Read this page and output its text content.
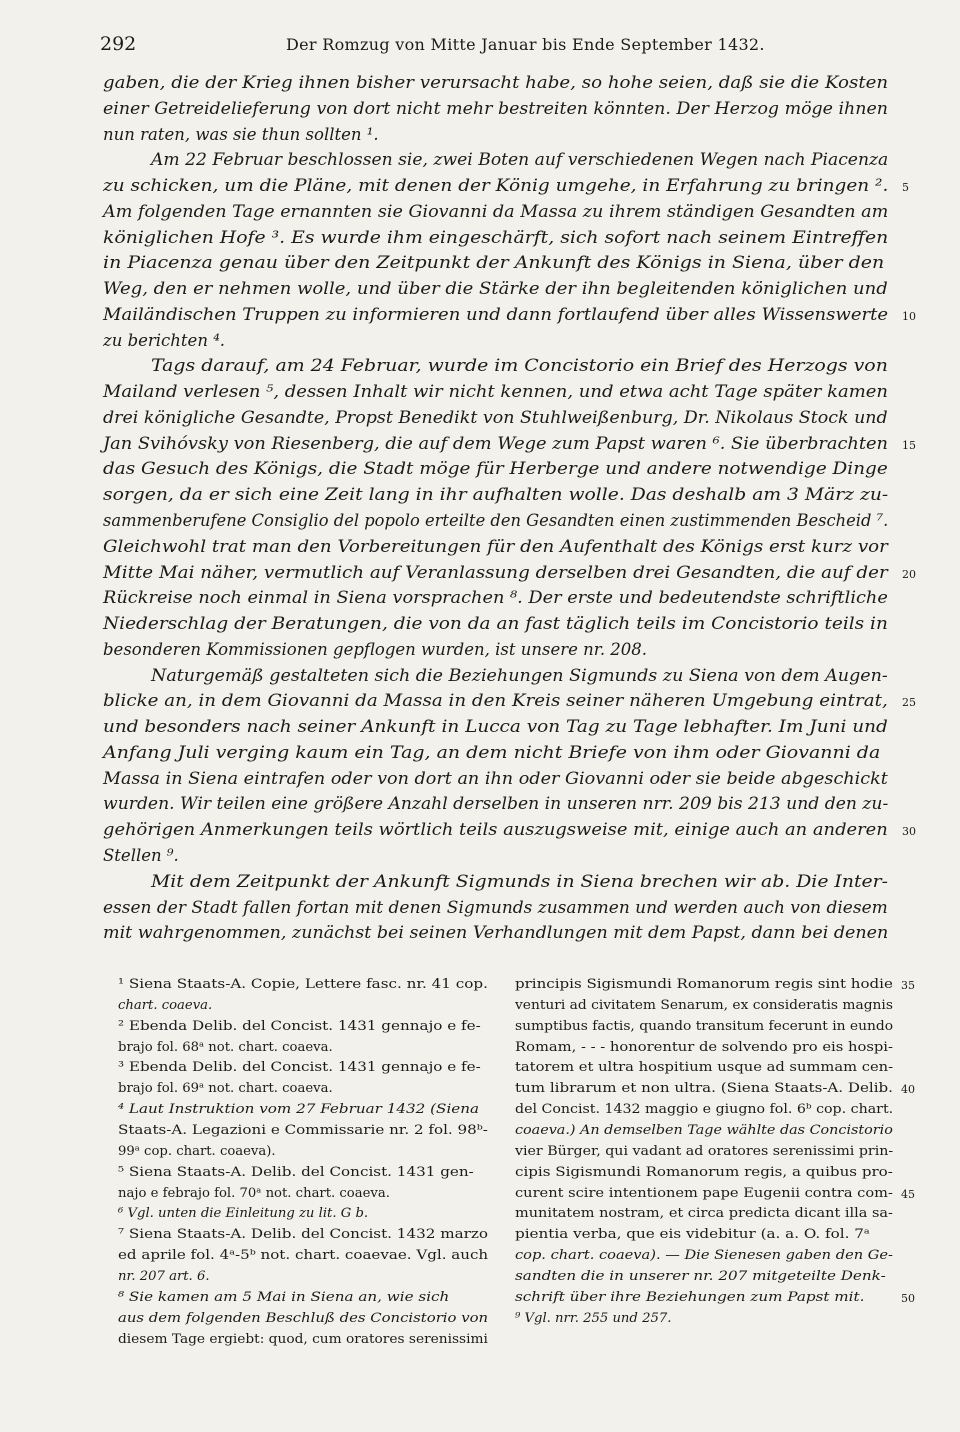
292	Der Romzug von Mitte Januar bis Ende September 1432.
gaben, die der Krieg ihnen bisher verursacht habe, so hohe seien, daß sie die Kosten
einer Getreidelieferung von dort nicht mehr bestreiten könnten. Der Herzog möge ihnen
nun raten, was sie thun sollten ¹.
Am 22 Februar beschlossen sie, zwei Boten auf verschiedenen Wegen nach Piacenza
zu schicken, um die Pläne, mit denen der König umgehe, in Erfahrung zu bringen ². 5
Am folgenden Tage ernannten sie Giovanni da Massa zu ihrem ständigen Gesandten am
königlichen Hofe ³. Es wurde ihm eingeschärft, sich sofort nach seinem Eintreffen
in Piacenza genau über den Zeitpunkt der Ankunft des Königs in Siena, über den
Weg, den er nehmen wolle, und über die Stärke der ihn begleitenden königlichen und
Mailändischen Truppen zu informieren und dann fortlaufend über alles Wissenswerte 10
zu berichten ⁴.
Tags darauf, am 24 Februar, wurde im Concistorio ein Brief des Herzogs von
Mailand verlesen ⁵, dessen Inhalt wir nicht kennen, und etwa acht Tage später kamen
drei königliche Gesandte, Propst Benedikt von Stuhlweißenburg, Dr. Nikolaus Stock und
Jan Svihóvsky von Riesenberg, die auf dem Wege zum Papst waren ⁶. Sie überbrachten 15
das Gesuch des Königs, die Stadt möge für Herberge und andere notwendige Dinge
sorgen, da er sich eine Zeit lang in ihr aufhalten wolle. Das deshalb am 3 März zu-
sammenberufene Consiglio del popolo erteilte den Gesandten einen zustimmenden Bescheid ⁷.
Gleichwohl trat man den Vorbereitungen für den Aufenthalt des Königs erst kurz vor
Mitte Mai näher, vermutlich auf Veranlassung derselben drei Gesandten, die auf der 20
Rückreise noch einmal in Siena vorsprachen ⁸. Der erste und bedeutendste schriftliche
Niederschlag der Beratungen, die von da an fast täglich teils im Concistorio teils in
besonderen Kommissionen gepflogen wurden, ist unsere nr. 208.
Naturgemäß gestalteten sich die Beziehungen Sigmunds zu Siena von dem Augen-
blicke an, in dem Giovanni da Massa in den Kreis seiner näheren Umgebung eintrat, 25
und besonders nach seiner Ankunft in Lucca von Tag zu Tage lebhafter. Im Juni und
Anfang Juli verging kaum ein Tag, an dem nicht Briefe von ihm oder Giovanni da
Massa in Siena eintrafen oder von dort an ihn oder Giovanni oder sie beide abgeschickt
wurden. Wir teilen eine größere Anzahl derselben in unseren nrr. 209 bis 213 und den zu-
gehörigen Anmerkungen teils wörtlich teils auszugsweise mit, einige auch an anderen 30
Stellen ⁹.
Mit dem Zeitpunkt der Ankunft Sigmunds in Siena brechen wir ab. Die Inter-
essen der Stadt fallen fortan mit denen Sigmunds zusammen und werden auch von diesem
mit wahrgenommen, zunächst bei seinen Verhandlungen mit dem Papst, dann bei denen
¹ Siena Staats-A. Copie, Lettere fasc. nr. 41 cop.
chart. coaeva.
² Ebenda Delib. del Concist. 1431 gennajo e fe-
brajo fol. 68ᵃ not. chart. coaeva.
³ Ebenda Delib. del Concist. 1431 gennajo e fe-
brajo fol. 69ᵃ not. chart. coaeva.
⁴ Laut Instruktion vom 27 Februar 1432 (Siena
Staats-A. Legazioni e Commissarie nr. 2 fol. 98ᵇ-
99ᵃ cop. chart. coaeva).
⁵ Siena Staats-A. Delib. del Concist. 1431 gen-
najo e febrajo fol. 70ᵃ not. chart. coaeva.
⁶ Vgl. unten die Einleitung zu lit. G b.
⁷ Siena Staats-A. Delib. del Concist. 1432 marzo
ed aprile fol. 4ᵃ-5ᵇ not. chart. coaevae. Vgl. auch
nr. 207 art. 6.
⁸ Sie kamen am 5 Mai in Siena an, wie sich
aus dem folgenden Beschluß des Concistorio von
diesem Tage ergiebt: quod, cum oratores serenissimi
principis Sigismundi Romanorum regis sint hodie 35
venturi ad civitatem Senarum, ex consideratis magnis
sumptibus factis, quando transitum fecerunt in eundo
Romam, - - - honorentur de solvendo pro eis hospi-
tatorem et ultra hospitium usque ad summam cen-
tum librarum et non ultra. (Siena Staats-A. Delib. 40
del Concist. 1432 maggio e giugno fol. 6ᵇ cop. chart.
coaeva.) An demselben Tage wählte das Concistorio
vier Bürger, qui vadant ad oratores serenissimi prin-
cipis Sigismundi Romanorum regis, a quibus pro-
curent scire intentionem pape Eugenii contra com- 45
munitatem nostram, et circa predicta dicant illa sa-
pientia verba, que eis videbitur (a. a. O. fol. 7ᵃ
cop. chart. coaeva). — Die Sienesen gaben den Ge-
sandten die in unserer nr. 207 mitgeteilte Denk-
schrift über ihre Beziehungen zum Papst mit.	50
⁹ Vgl. nrr. 255 und 257.
